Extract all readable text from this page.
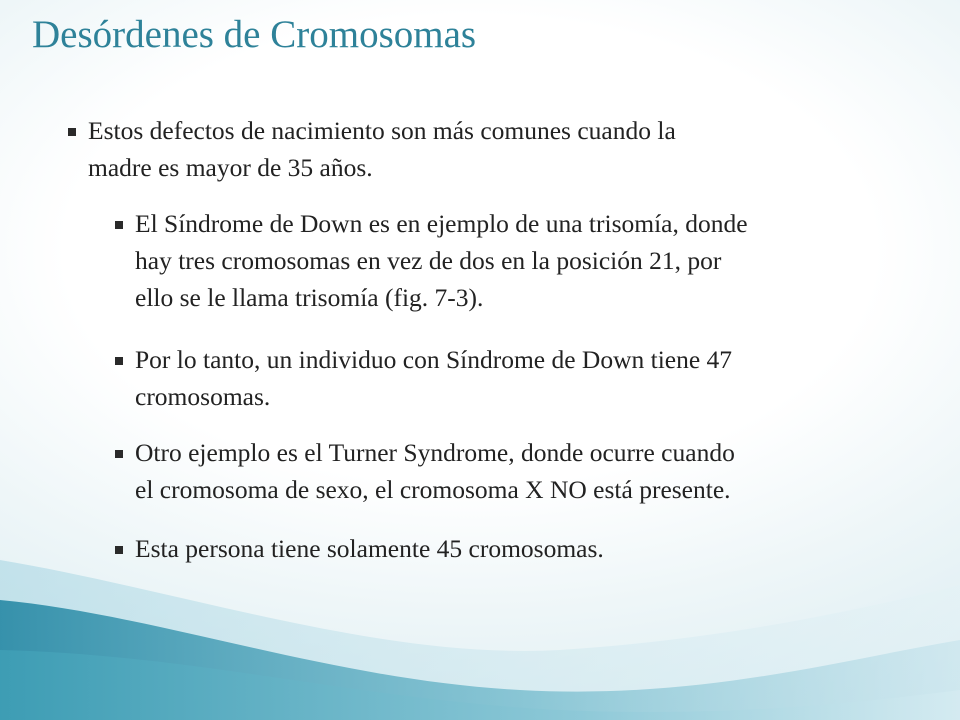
Desórdenes de Cromosomas
Estos defectos de nacimiento son más comunes cuando la
madre es mayor de 35 años.
El Síndrome de Down es en ejemplo de una trisomía, donde
hay tres cromosomas en vez de dos en la posición 21, por
ello se le llama trisomía (fig. 7-3).
Por lo tanto, un individuo con Síndrome de Down tiene 47
cromosomas.
Otro ejemplo es el Turner Syndrome, donde ocurre cuando
el cromosoma de sexo, el cromosoma X NO está presente.
Esta persona tiene solamente 45 cromosomas.
